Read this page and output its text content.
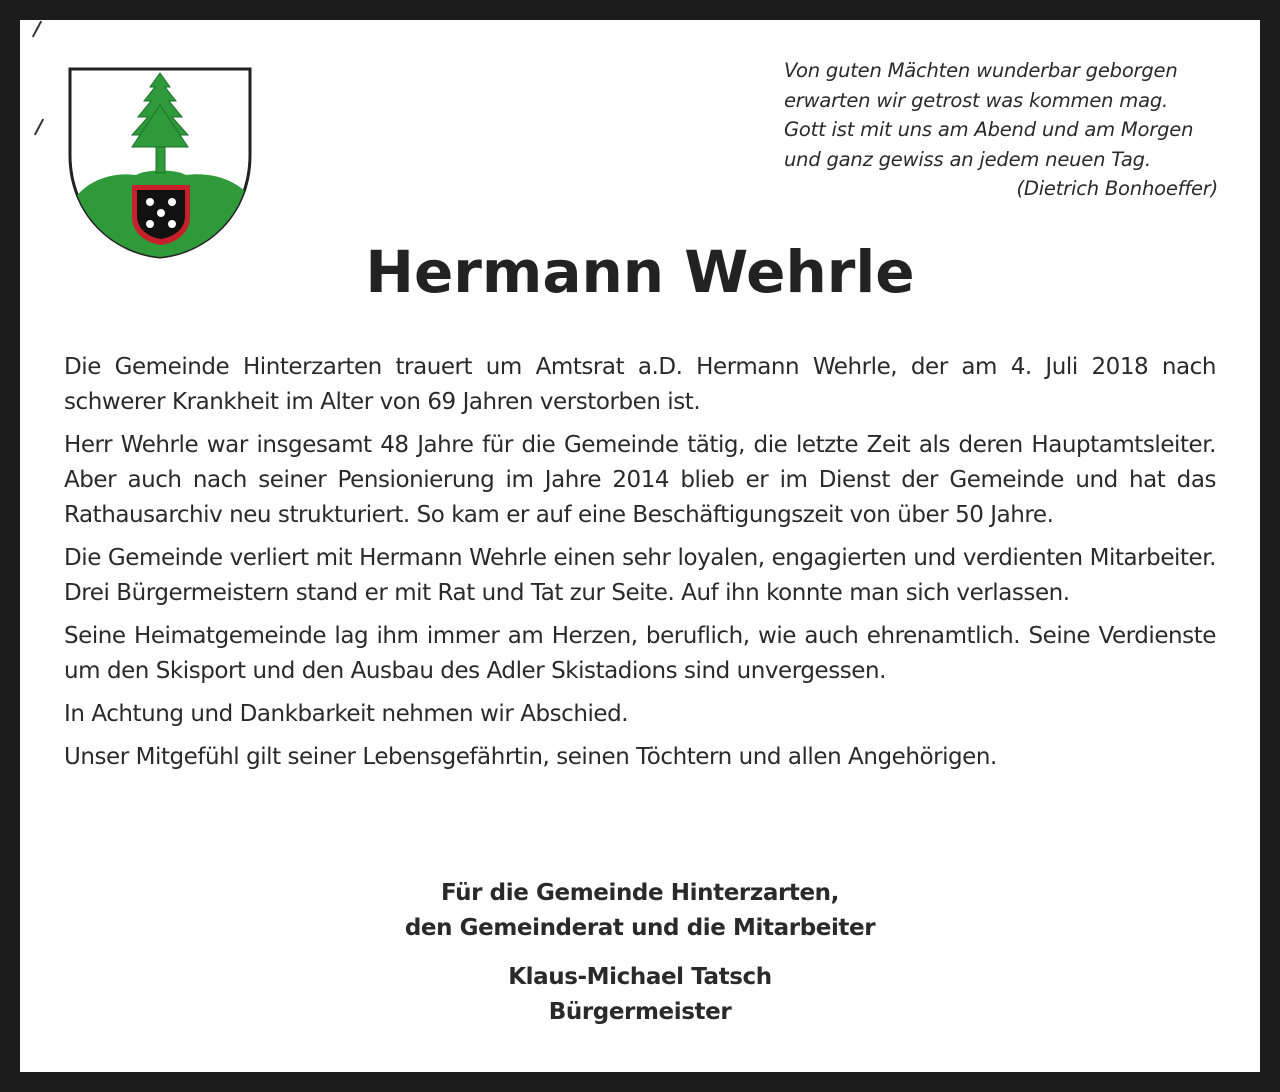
Von guten Mächten wunderbar geborgen
erwarten wir getrost was kommen mag.
Gott ist mit uns am Abend und am Morgen
und ganz gewiss an jedem neuen Tag.
(Dietrich Bonhoeffer)
Hermann Wehrle

Die Gemeinde Hinterzarten trauert um Amtsrat a.D. Hermann Wehrle, der am 4. Juli 2018 nach schwerer Krankheit im Alter von 69 Jahren verstorben ist.

Herr Wehrle war insgesamt 48 Jahre für die Gemeinde tätig, die letzte Zeit als deren Hauptamtsleiter. Aber auch nach seiner Pensionierung im Jahre 2014 blieb er im Dienst der Gemeinde und hat das Rathausarchiv neu strukturiert. So kam er auf eine Beschäftigungszeit von über 50 Jahre.

Die Gemeinde verliert mit Hermann Wehrle einen sehr loyalen, engagierten und verdienten Mitarbeiter. Drei Bürgermeistern stand er mit Rat und Tat zur Seite. Auf ihn konnte man sich verlassen.

Seine Heimatgemeinde lag ihm immer am Herzen, beruflich, wie auch ehrenamtlich. Seine Verdienste um den Skisport und den Ausbau des Adler Skistadions sind unvergessen.

In Achtung und Dankbarkeit nehmen wir Abschied.

Unser Mitgefühl gilt seiner Lebensgefährtin, seinen Töchtern und allen Angehörigen.

Für die Gemeinde Hinterzarten,
den Gemeinderat und die Mitarbeiter
Klaus-Michael Tatsch
Bürgermeister
